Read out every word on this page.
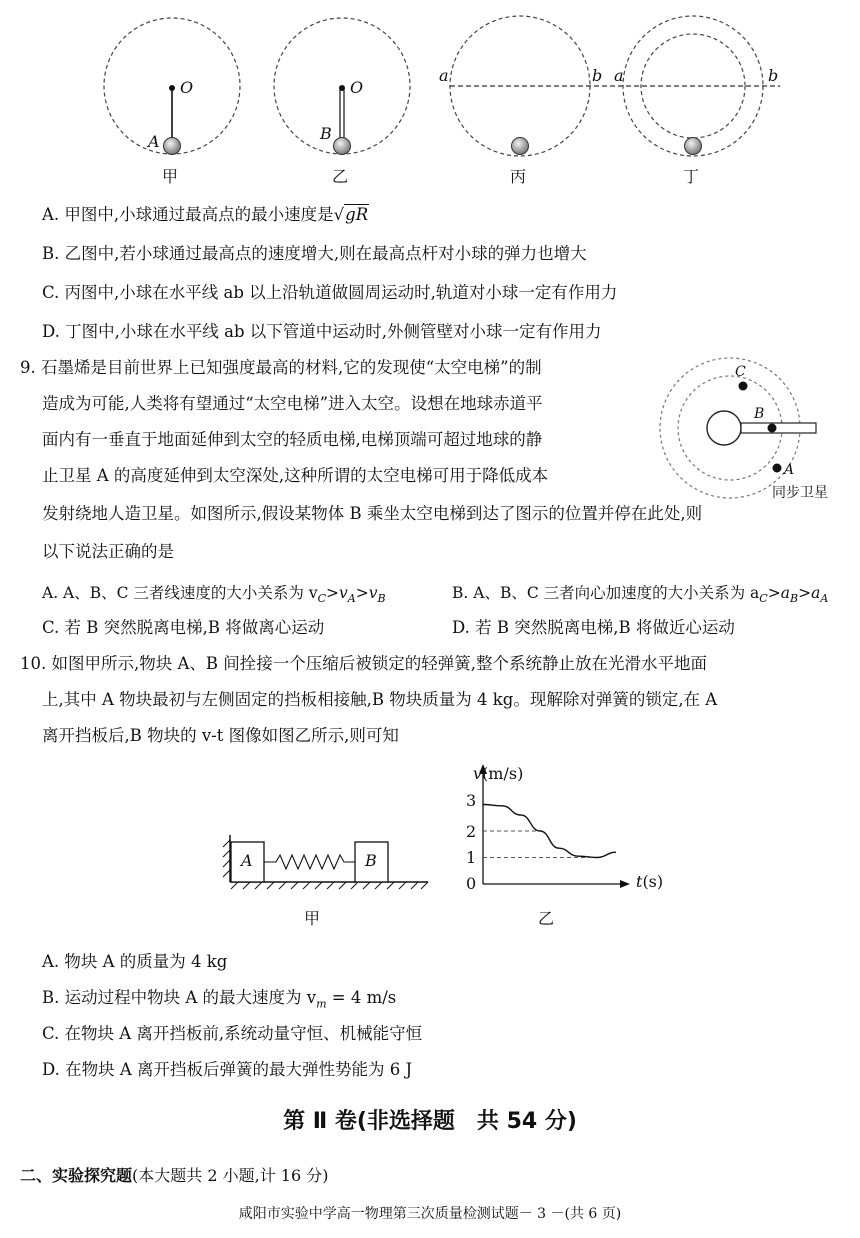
O
A
O
B
a	b a	b
甲	乙	丙	丁
A. 甲图中,小球通过最高点的最小速度是√gR
B. 乙图中,若小球通过最高点的速度增大,则在最高点杆对小球的弹力也增大
C. 丙图中,小球在水平线 ab 以上沿轨道做圆周运动时,轨道对小球一定有作用力
D. 丁图中,小球在水平线 ab 以下管道中运动时,外侧管壁对小球一定有作用力
9. 石墨烯是目前世界上已知强度最高的材料,它的发现使“太空电梯”的制
造成为可能,人类将有望通过“太空电梯”进入太空。设想在地球赤道平
面内有一垂直于地面延伸到太空的轻质电梯,电梯顶端可超过地球的静
止卫星 A 的高度延伸到太空深处,这种所谓的太空电梯可用于降低成本
发射绕地人造卫星。如图所示,假设某物体 B 乘坐太空电梯到达了图示的位置并停在此处,则
以下说法正确的是
C
B
A
同步卫星
A. A、B、C 三者线速度的大小关系为 $v_C>v_A>v_B$	B. A、B、C 三者向心加速度的大小关系为 $a_C>a_B>a_A$
C. 若 B 突然脱离电梯,B 将做离心运动	D. 若 B 突然脱离电梯,B 将做近心运动
10. 如图甲所示,物块 A、B 间拴接一个压缩后被锁定的轻弹簧,整个系统静止放在光滑水平地面
上,其中 A 物块最初与左侧固定的挡板相接触,B 物块质量为 4 kg。现解除对弹簧的锁定,在 A
离开挡板后,B 物块的 v-t 图像如图乙所示,则可知
A	B
甲
v(m/s)
t(s)
3
2
1
0
乙
A. 物块 A 的质量为 4 kg
B. 运动过程中物块 A 的最大速度为 $v_m = 4$ m/s
C. 在物块 A 离开挡板前,系统动量守恒、机械能守恒
D. 在物块 A 离开挡板后弹簧的最大弹性势能为 6 J
第 Ⅱ 卷(非选择题　共 54 分)
二、实验探究题(本大题共 2 小题,计 16 分)
咸阳市实验中学高一物理第三次质量检测试题－ 3 －(共 6 页)
